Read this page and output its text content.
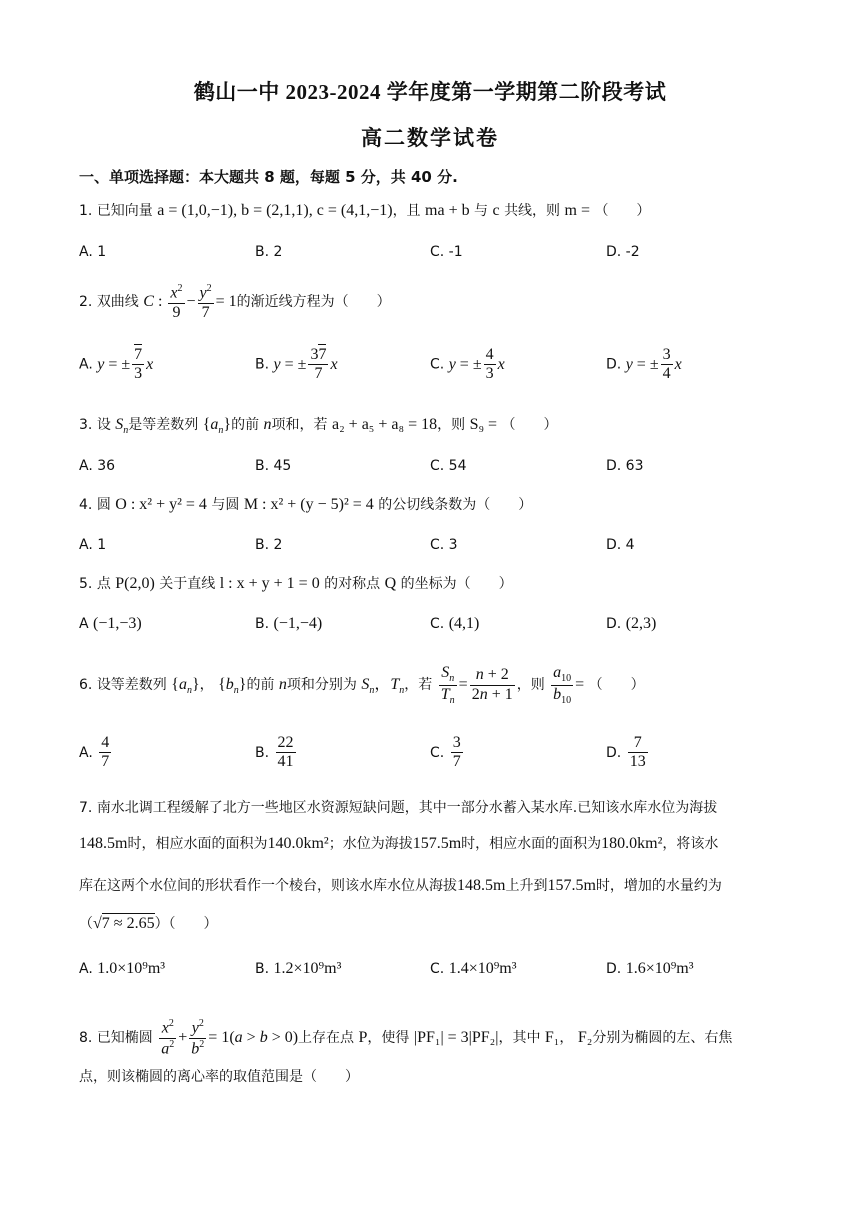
鹤山一中 2023-2024 学年度第一学期第二阶段考试
高二数学试卷
一、单项选择题：本大题共 8 题，每题 5 分，共 40 分.
1. 已知向量 a = (1,0,−1), b = (2,1,1), c = (4,1,−1)，且 ma + b 与 c 共线，则 m = （　　）
A. 1	B. 2	C. -1	D. -2
2. 双曲线 C : $\frac{x^2}{9} - \frac{y^2}{7} = 1$的渐近线方程为（　　）
A. y = ± $\frac{7}{3}$ x	B. y = ± $\frac{37}{7}$ x	C. y = ± $\frac{4}{3}$ x	D. y = ± $\frac{3}{4}$ x
3. 设 $S_n$是等差数列 $\{a_n\}$的前 n项和，若 a₂ + a₅ + a₈ = 18，则 S₉ = （　　）
A. 36	B. 45	C. 54	D. 63
4. 圆 O : x² + y² = 4 与圆 M : x² + (y − 5)² = 4 的公切线条数为（　　）
A. 1	B. 2	C. 3	D. 4
5. 点 P(2,0) 关于直线 l : x + y + 1 = 0 的对称点 Q 的坐标为（　　）
A (−1,−3)	B. (−1,−4)	C. (4,1)	D. (2,3)
6. 设等差数列 $\{a_n\}$， $\{b_n\}$的前 n项和分别为 $S_n$，$T_n$，若 $\frac{S_n}{T_n} = \frac{n + 2}{2n + 1}$ ，则 $\frac{a_{10}}{b_{10}}$ = （　　）
A. $\frac{4}{7}$	B. $\frac{22}{41}$	C. $\frac{3}{7}$	D. $\frac{7}{13}$
7. 南水北调工程缓解了北方一些地区水资源短缺问题，其中一部分水蓄入某水库.已知该水库水位为海拔
148.5m时，相应水面的面积为140.0km²；水位为海拔157.5m时，相应水面的面积为180.0km²，将该水
库在这两个水位间的形状看作一个棱台，则该水库水位从海拔148.5m上升到157.5m时，增加的水量约为
（√7 ≈ 2.65）（　　）
A. 1.0×10⁹m³	B. 1.2×10⁹m³	C. 1.4×10⁹m³	D. 1.6×10⁹m³
8. 已知椭圆 $\frac{x^2}{a^2} + \frac{y^2}{b^2} = 1(a > b > 0)$上存在点 P，使得 |PF₁| = 3|PF₂|，其中 F₁， F₂分别为椭圆的左、右焦
点，则该椭圆的离心率的取值范围是（　　）
